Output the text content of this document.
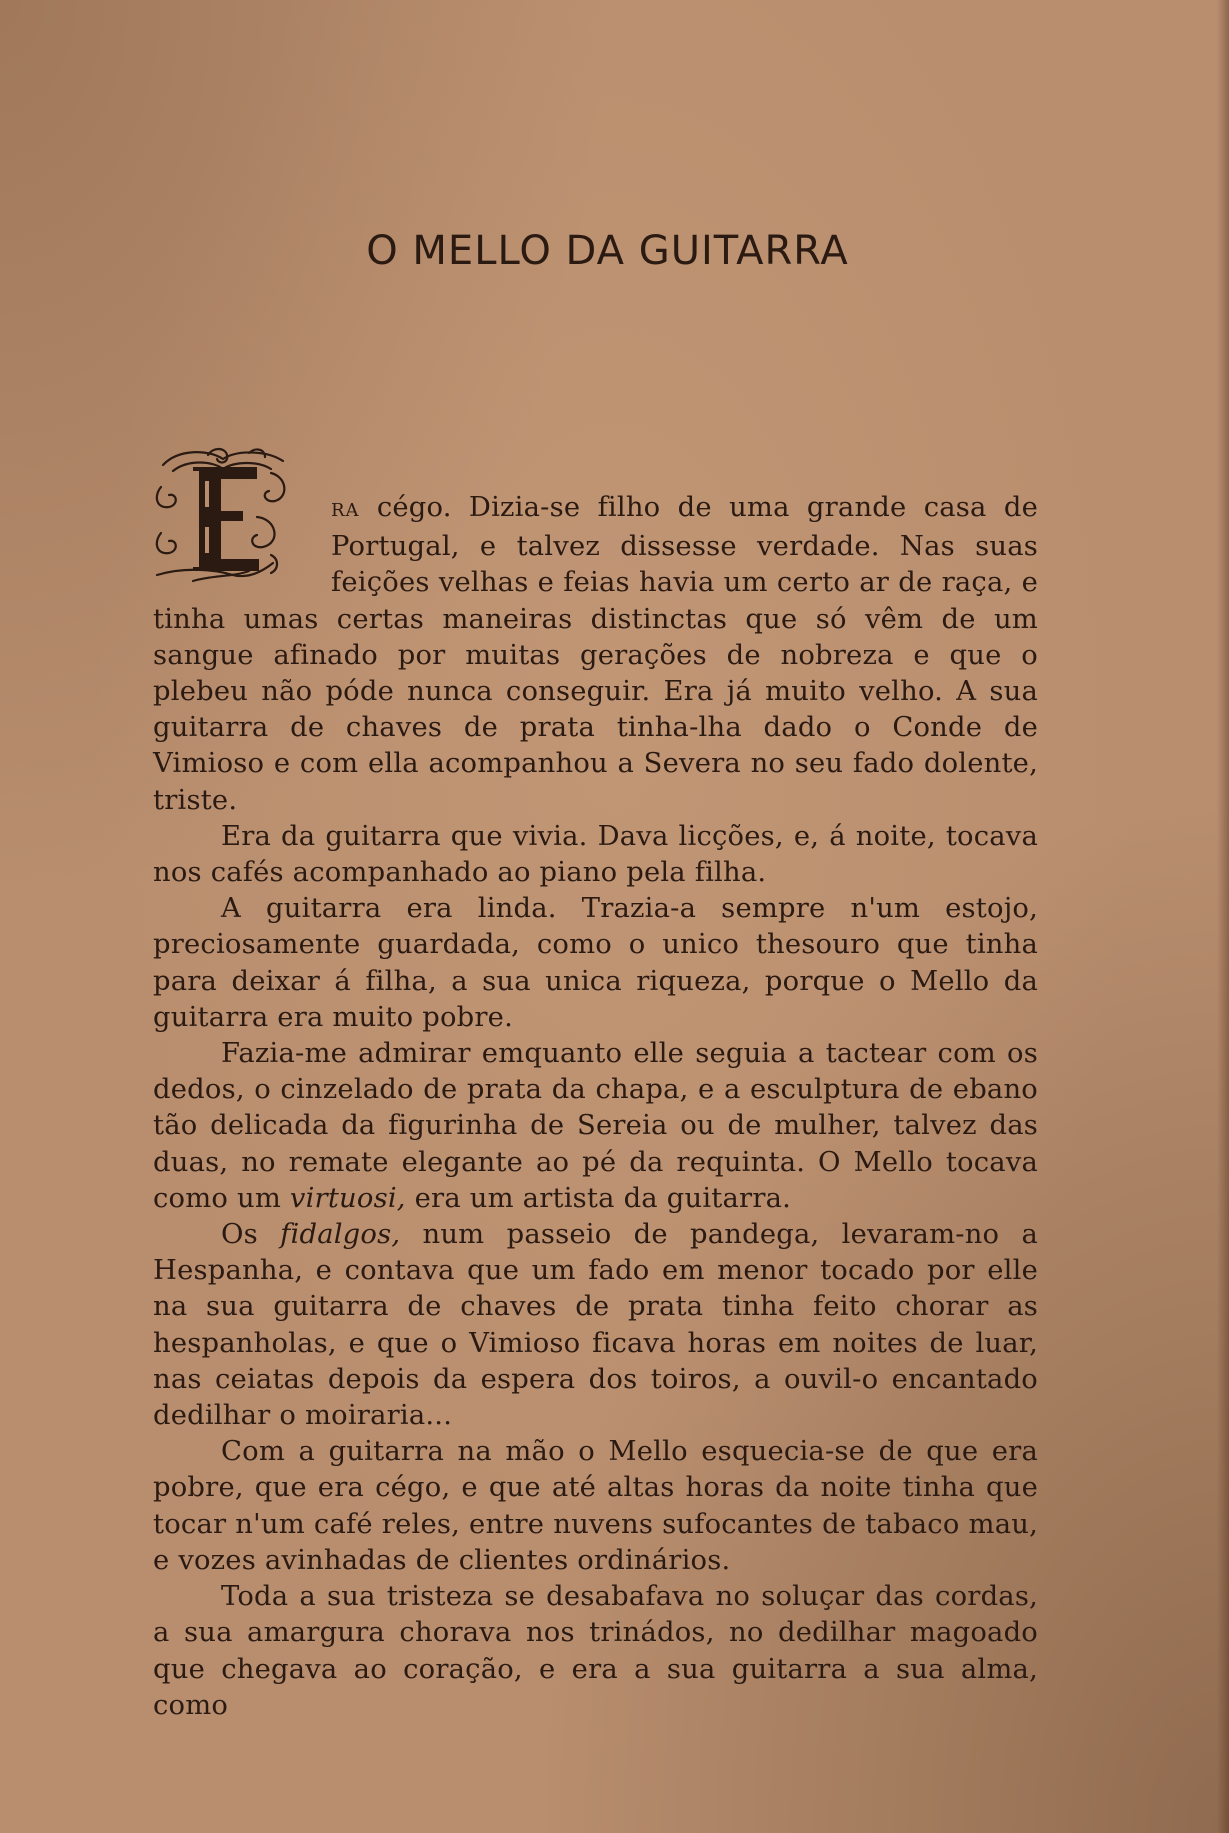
O MELLO DA GUITARRA

RA cégo. Dizia-se filho de uma grande casa de Portugal, e talvez dissesse verdade. Nas suas feições velhas e feias havia um certo ar de raça, e tinha umas certas maneiras distinctas que só vêm de um sangue afinado por muitas gerações de nobreza e que o plebeu não póde nunca conseguir. Era já muito velho. A sua guitarra de chaves de prata tinha-lha dado o Conde de Vimioso e com ella acompanhou a Severa no seu fado dolente, triste.

Era da guitarra que vivia. Dava licções, e, á noite, tocava nos cafés acompanhado ao piano pela filha.

A guitarra era linda. Trazia-a sempre n'um estojo, preciosamente guardada, como o unico thesouro que tinha para deixar á filha, a sua unica riqueza, porque o Mello da guitarra era muito pobre.

Fazia-me admirar emquanto elle seguia a tactear com os dedos, o cinzelado de prata da chapa, e a esculptura de ebano tão delicada da figurinha de Sereia ou de mulher, talvez das duas, no remate elegante ao pé da requinta. O Mello tocava como um virtuosi, era um artista da guitarra.

Os fidalgos, num passeio de pandega, levaram-no a Hespanha, e contava que um fado em menor tocado por elle na sua guitarra de chaves de prata tinha feito chorar as hespanholas, e que o Vimioso ficava horas em noites de luar, nas ceiatas depois da espera dos toiros, a ouvil-o encantado dedilhar o moiraria...

Com a guitarra na mão o Mello esquecia-se de que era pobre, que era cégo, e que até altas horas da noite tinha que tocar n'um café reles, entre nuvens sufocantes de tabaco mau, e vozes avinhadas de clientes ordinários.

Toda a sua tristeza se desabafava no soluçar das cordas, a sua amargura chorava nos trinádos, no dedilhar magoado que chegava ao coração, e era a sua guitarra a sua alma, como
